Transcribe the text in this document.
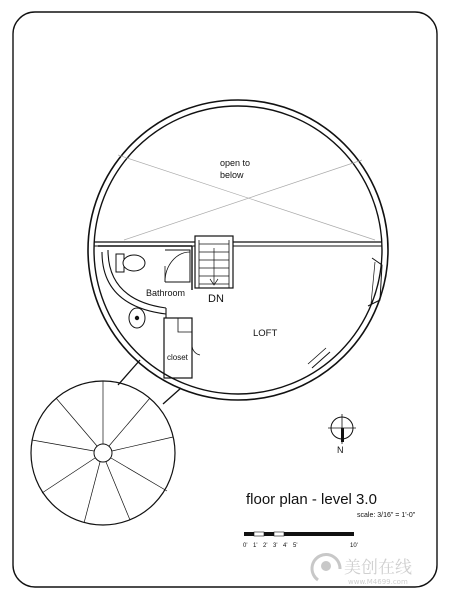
open to
below
Bathroom DN
LOFT
closet
N
floor plan - level 3.0
scale: 3/16" = 1'-0"
0' 1' 2' 3' 4' 5'	10'
美创在线
www.M4699.com
